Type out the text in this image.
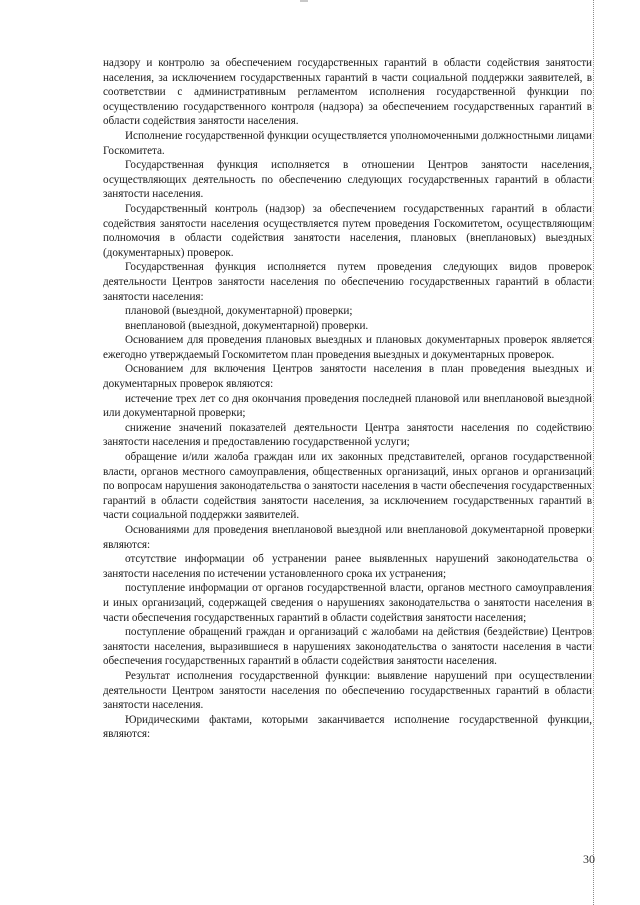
надзору и контролю за обеспечением государственных гарантий в области содействия занятости населения, за исключением государственных гарантий в части социальной поддержки заявителей, в соответствии с административным регламентом исполнения государственной функции по осуществлению государственного контроля (надзора) за обеспечением государственных гарантий в области содействия занятости населения.

Исполнение государственной функции осуществляется уполномоченными должностными лицами Госкомитета.

Государственная функция исполняется в отношении Центров занятости населения, осуществляющих деятельность по обеспечению следующих государственных гарантий в области занятости населения.

Государственный контроль (надзор) за обеспечением государственных гарантий в области содействия занятости населения осуществляется путем проведения Госкомитетом, осуществляющим полномочия в области содействия занятости населения, плановых (внеплановых) выездных (документарных) проверок.

Государственная функция исполняется путем проведения следующих видов проверок деятельности Центров занятости населения по обеспечению государственных гарантий в области занятости населения:

плановой (выездной, документарной) проверки;

внеплановой (выездной, документарной) проверки.

Основанием для проведения плановых выездных и плановых документарных проверок является ежегодно утверждаемый Госкомитетом план проведения выездных и документарных проверок.

Основанием для включения Центров занятости населения в план проведения выездных и документарных проверок являются:

истечение трех лет со дня окончания проведения последней плановой или внеплановой выездной или документарной проверки;

снижение значений показателей деятельности Центра занятости населения по содействию занятости населения и предоставлению государственной услуги;

обращение и/или жалоба граждан или их законных представителей, органов государственной власти, органов местного самоуправления, общественных организаций, иных органов и организаций по вопросам нарушения законодательства о занятости населения в части обеспечения государственных гарантий в области содействия занятости населения, за исключением государственных гарантий в части социальной поддержки заявителей.

Основаниями для проведения внеплановой выездной или внеплановой документарной проверки являются:

отсутствие информации об устранении ранее выявленных нарушений законодательства о занятости населения по истечении установленного срока их устранения;

поступление информации от органов государственной власти, органов местного самоуправления и иных организаций, содержащей сведения о нарушениях законодательства о занятости населения в части обеспечения государственных гарантий в области содействия занятости населения;

поступление обращений граждан и организаций с жалобами на действия (бездействие) Центров занятости населения, выразившиеся в нарушениях законодательства о занятости населения в части обеспечения государственных гарантий в области содействия занятости населения.

Результат исполнения государственной функции: выявление нарушений при осуществлении деятельности Центром занятости населения по обеспечению государственных гарантий в области занятости населения.

Юридическими фактами, которыми заканчивается исполнение государственной функции, являются:

30
